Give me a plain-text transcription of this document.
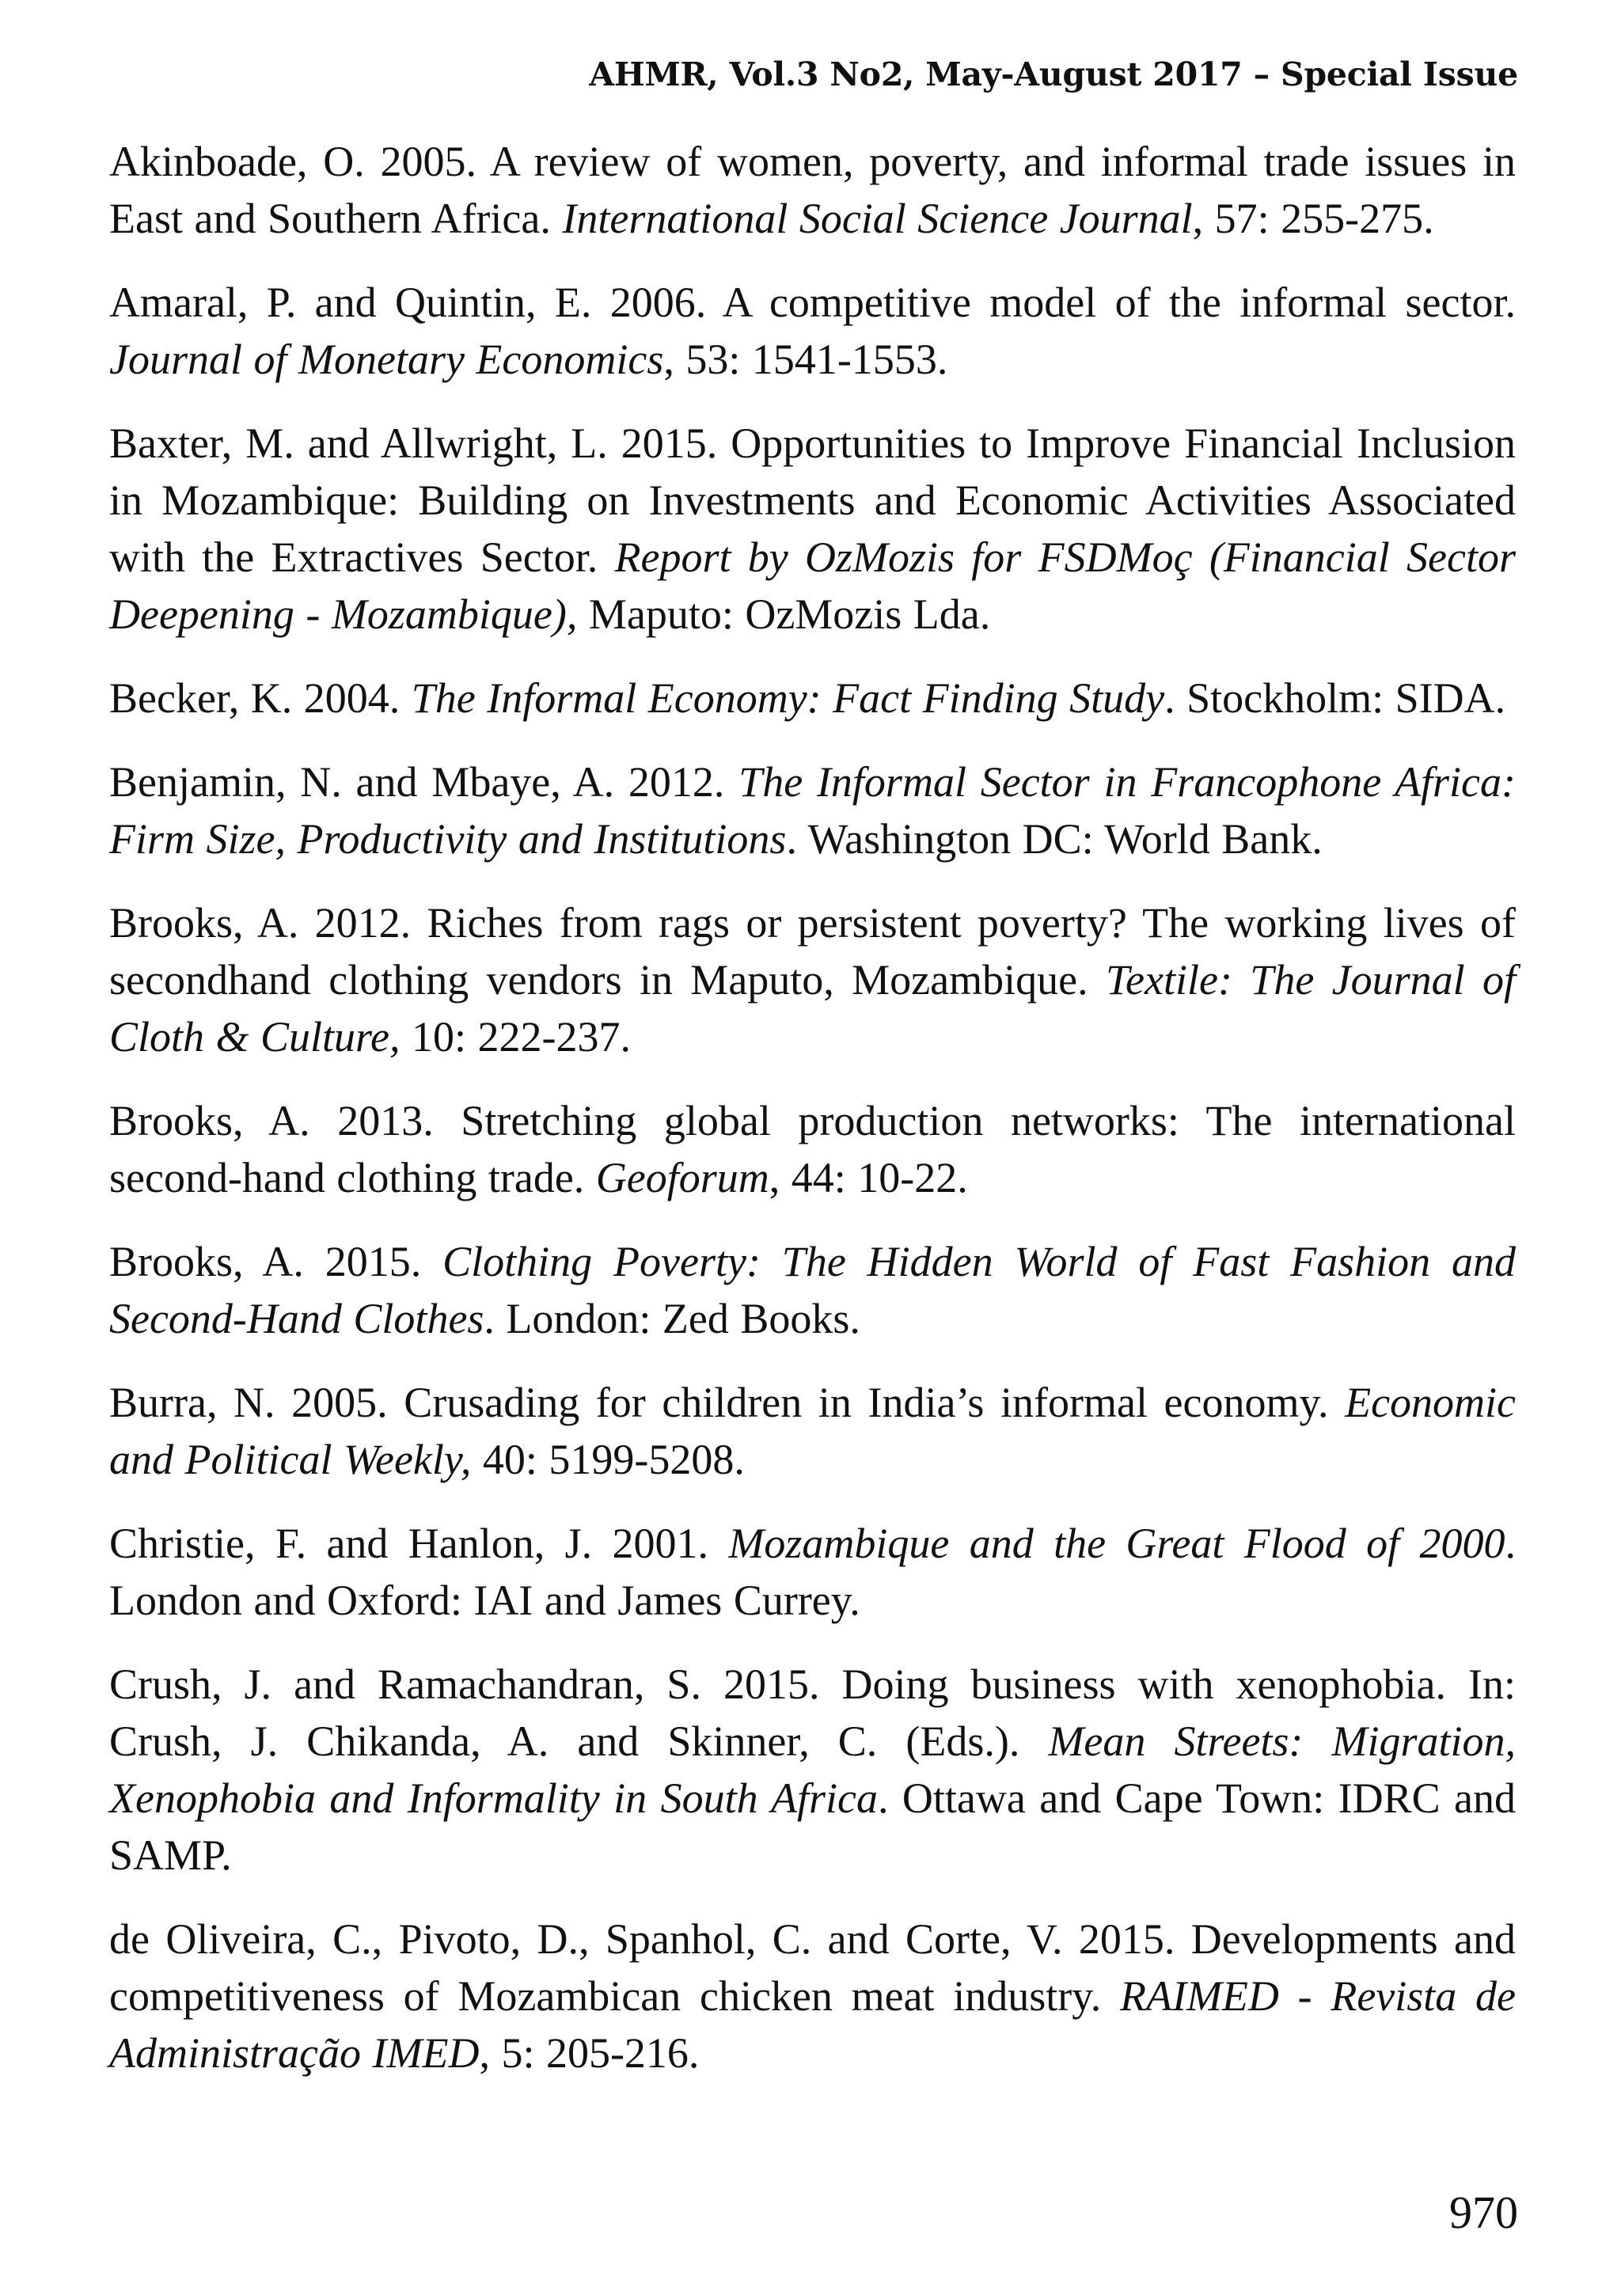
AHMR, Vol.3 No2, May-August 2017 – Special Issue

Akinboade, O. 2005. A review of women, poverty, and informal trade issues in East and Southern Africa. International Social Science Journal, 57: 255-275.

Amaral, P. and Quintin, E. 2006. A competitive model of the informal sector. Journal of Monetary Economics, 53: 1541-1553.

Baxter, M. and Allwright, L. 2015. Opportunities to Improve Financial Inclusion in Mozambique: Building on Investments and Economic Activities Associated with the Extractives Sector. Report by OzMozis for FSDMoç (Financial Sector Deepening - Mozambique), Maputo: OzMozis Lda.

Becker, K. 2004. The Informal Economy: Fact Finding Study. Stockholm: SIDA.

Benjamin, N. and Mbaye, A. 2012. The Informal Sector in Francophone Africa: Firm Size, Productivity and Institutions. Washington DC: World Bank.

Brooks, A. 2012. Riches from rags or persistent poverty? The working lives of secondhand clothing vendors in Maputo, Mozambique. Textile: The Journal of Cloth & Culture, 10: 222-237.

Brooks, A. 2013. Stretching global production networks: The international second-hand clothing trade. Geoforum, 44: 10-22.

Brooks, A. 2015. Clothing Poverty: The Hidden World of Fast Fashion and Second-Hand Clothes. London: Zed Books.

Burra, N. 2005. Crusading for children in India’s informal economy. Economic and Political Weekly, 40: 5199-5208.

Christie, F. and Hanlon, J. 2001. Mozambique and the Great Flood of 2000. London and Oxford: IAI and James Currey.

Crush, J. and Ramachandran, S. 2015. Doing business with xenophobia. In: Crush, J. Chikanda, A. and Skinner, C. (Eds.). Mean Streets: Migration, Xenophobia and Informality in South Africa. Ottawa and Cape Town: IDRC and SAMP.

de Oliveira, C., Pivoto, D., Spanhol, C. and Corte, V. 2015. Developments and competitiveness of Mozambican chicken meat industry. RAIMED - Revista de Administração IMED, 5: 205-216.

970
